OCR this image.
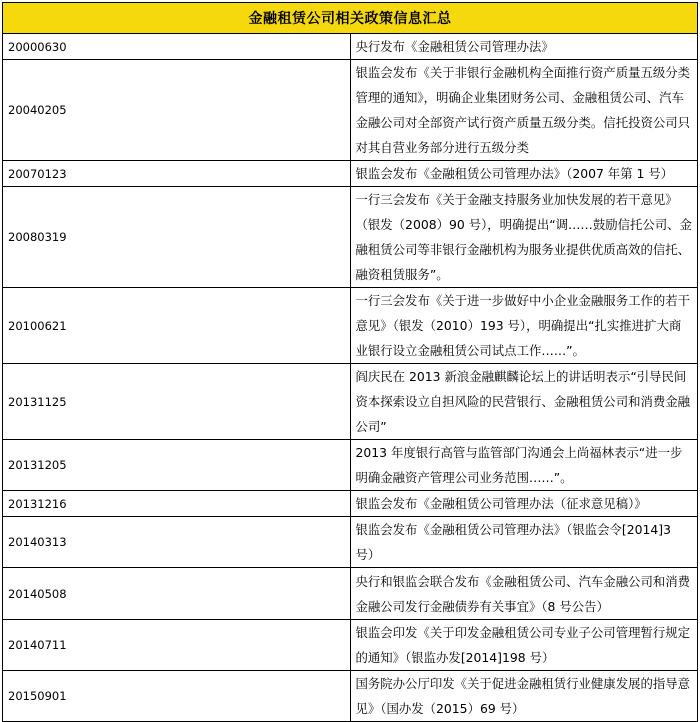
金融租赁公司相关政策信息汇总	
20000630	央行发布《金融租赁公司管理办法》
20040205	银监会发布《关于非银行金融机构全面推行资产质量五级分类管理的通知》，明确企业集团财务公司、金融租赁公司、汽车金融公司对全部资产试行资产质量五级分类。信托投资公司只对其自营业务部分进行五级分类
20070123	银监会发布《金融租赁公司管理办法》（2007 年第 1 号）
20080319	一行三会发布《关于金融支持服务业加快发展的若干意见》（银发（2008）90 号），明确提出“调……鼓励信托公司、金融租赁公司等非银行金融机构为服务业提供优质高效的信托、融资租赁服务”。
20100621	一行三会发布《关于进一步做好中小企业金融服务工作的若干意见》（银发（2010）193 号），明确提出“扎实推进扩大商业银行设立金融租赁公司试点工作……”。
20131125	阎庆民在 2013 新浪金融麒麟论坛上的讲话明表示“引导民间资本探索设立自担风险的民营银行、金融租赁公司和消费金融公司”
20131205	2013 年度银行高管与监管部门沟通会上尚福林表示“进一步明确金融资产管理公司业务范围……”。
20131216	银监会发布《金融租赁公司管理办法（征求意见稿）》
20140313	银监会发布《金融租赁公司管理办法》（银监会令[2014]3 号）
20140508	央行和银监会联合发布《金融租赁公司、汽车金融公司和消费金融公司发行金融债券有关事宜》（8 号公告）
20140711	银监会印发《关于印发金融租赁公司专业子公司管理暂行规定的通知》（银监办发[2014]198 号）
20150901	国务院办公厅印发《关于促进金融租赁行业健康发展的指导意见》（国办发（2015）69 号）
